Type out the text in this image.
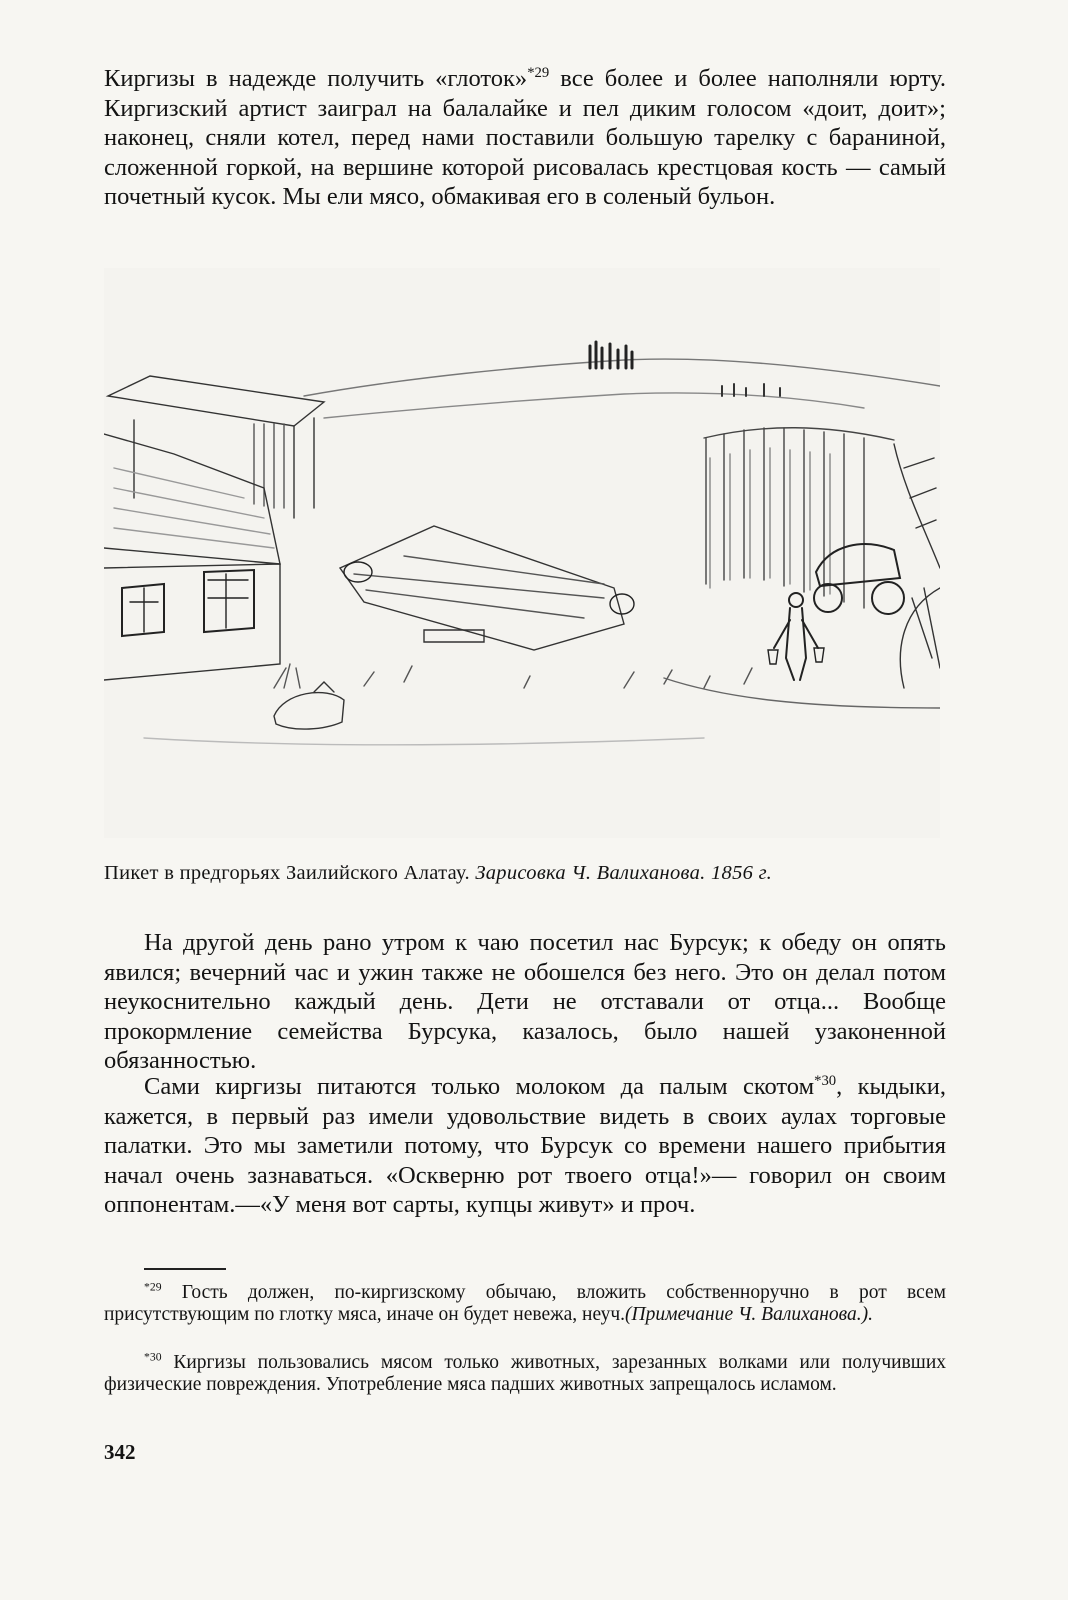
Киргизы в надежде получить «глоток»$^{*29}$ все более и более наполняли юрту. Киргизский артист заиграл на балалайке и пел диким голосом «доит, доит»; наконец, сняли котел, перед нами поставили большую тарелку с бараниной, сложенной горкой, на вершине которой рисовалась крестцовая кость — самый почетный кусок. Мы ели мясо, обмакивая его в соленый бульон.

Пикет в предгорьях Заилийского Алатау. Зарисовка Ч. Валиханова. 1856 г.

На другой день рано утром к чаю посетил нас Бурсук; к обеду он опять явился; вечерний час и ужин также не обошелся без него. Это он делал потом неукоснительно каждый день. Дети не отставали от отца... Вообще прокормление семейства Бурсука, казалось, было нашей узаконенной обязанностью.

Сами киргизы питаются только молоком да палым скотом$^{*30}$, кыдыки, кажется, в первый раз имели удовольствие видеть в своих аулах торговые палатки. Это мы заметили потому, что Бурсук со времени нашего прибытия начал очень зазнаваться. «Оскверню рот твоего отца!»— говорил он своим оппонентам.—«У меня вот сарты, купцы живут» и проч.

$^{*29}$ Гость должен, по-киргизскому обычаю, вложить собственноручно в рот всем присутствующим по глотку мяса, иначе он будет невежа, неуч.(Примечание Ч. Валиханова.).

$^{*30}$ Киргизы пользовались мясом только животных, зарезанных волками или получивших физические повреждения. Употребление мяса падших животных запрещалось исламом.

342
